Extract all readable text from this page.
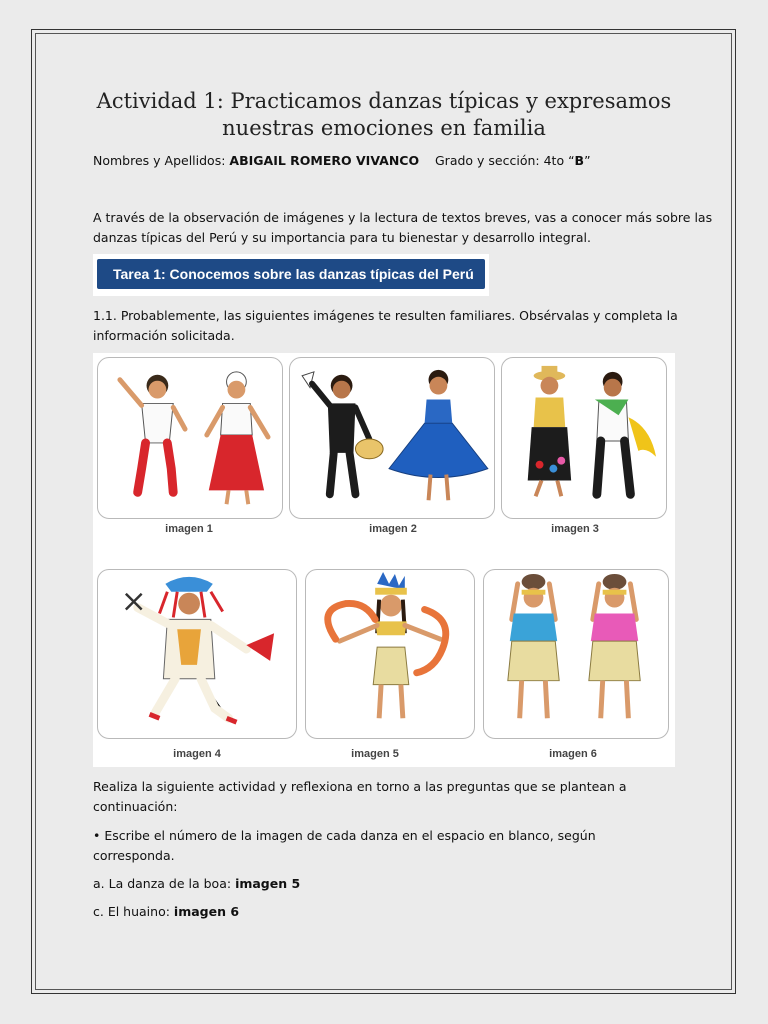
Actividad 1: Practicamos danzas típicas y expresamos
nuestras emociones en familia

Nombres y Apellidos: ABIGAIL ROMERO VIVANCO Grado y sección: 4to “B”

A través de la observación de imágenes y la lectura de textos breves, vas a conocer más sobre las
danzas típicas del Perú y su importancia para tu bienestar y desarrollo integral.

Tarea 1: Conocemos sobre las danzas típicas del Perú

1.1. Probablemente, las siguientes imágenes te resulten familiares. Obsérvalas y completa la
información solicitada.

imagen 1	imagen 2	imagen 3
imagen 4	imagen 5	imagen 6

Realiza la siguiente actividad y reflexiona en torno a las preguntas que se plantean a
continuación:

• Escribe el número de la imagen de cada danza en el espacio en blanco, según
corresponda.

a. La danza de la boa: imagen 5

c. El huaino: imagen 6
